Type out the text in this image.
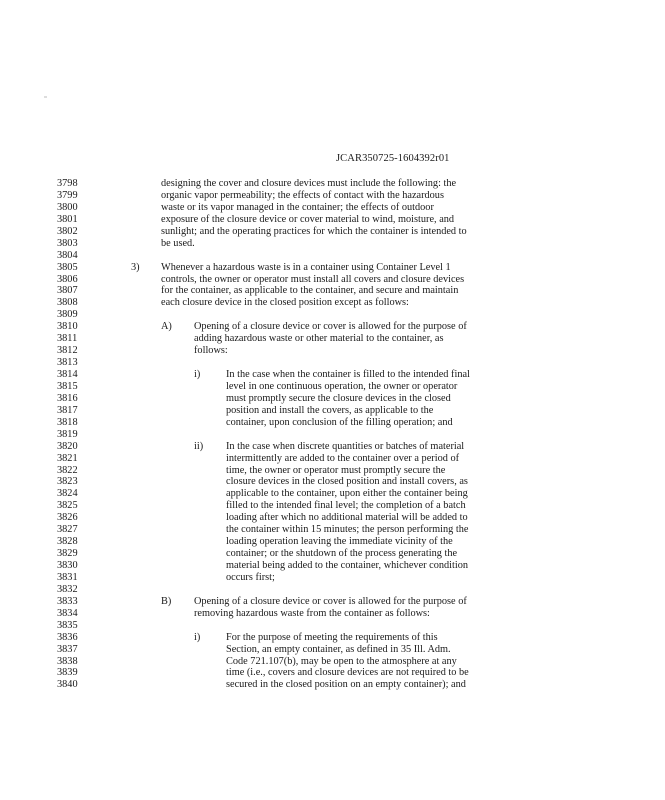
JCAR350725-1604392r01
3798	designing the cover and closure devices must include the following: the
3799	organic vapor permeability; the effects of contact with the hazardous
3800	waste or its vapor managed in the container; the effects of outdoor
3801	exposure of the closure device or cover material to wind, moisture, and
3802	sunlight; and the operating practices for which the container is intended to
3803	be used.
3804
3805	3) Whenever a hazardous waste is in a container using Container Level 1
3806	controls, the owner or operator must install all covers and closure devices
3807	for the container, as applicable to the container, and secure and maintain
3808	each closure device in the closed position except as follows:
3809
3810	A) Opening of a closure device or cover is allowed for the purpose of
3811	adding hazardous waste or other material to the container, as
3812	follows:
3813
3814	i) In the case when the container is filled to the intended final
3815	level in one continuous operation, the owner or operator
3816	must promptly secure the closure devices in the closed
3817	position and install the covers, as applicable to the
3818	container, upon conclusion of the filling operation; and
3819
3820	ii) In the case when discrete quantities or batches of material
3821	intermittently are added to the container over a period of
3822	time, the owner or operator must promptly secure the
3823	closure devices in the closed position and install covers, as
3824	applicable to the container, upon either the container being
3825	filled to the intended final level; the completion of a batch
3826	loading after which no additional material will be added to
3827	the container within 15 minutes; the person performing the
3828	loading operation leaving the immediate vicinity of the
3829	container; or the shutdown of the process generating the
3830	material being added to the container, whichever condition
3831	occurs first;
3832
3833	B) Opening of a closure device or cover is allowed for the purpose of
3834	removing hazardous waste from the container as follows:
3835
3836	i) For the purpose of meeting the requirements of this
3837	Section, an empty container, as defined in 35 Ill. Adm.
3838	Code 721.107(b), may be open to the atmosphere at any
3839	time (i.e., covers and closure devices are not required to be
3840	secured in the closed position on an empty container); and
